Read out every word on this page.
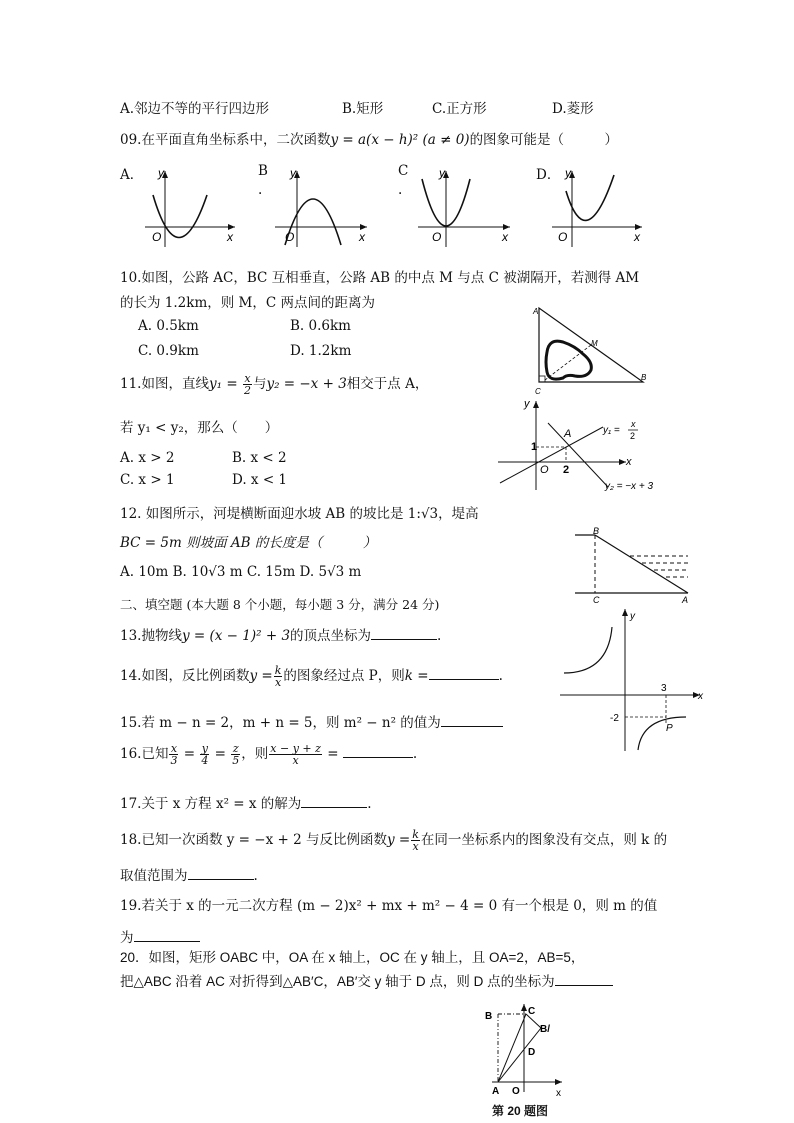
A.邻边不等的平行四边形	B.矩形	C.正方形	D.菱形
09.在平面直角坐标系中，二次函数y = a(x − h)² (a ≠ 0)的图象可能是（　　　）
A．	B
.
C
.
D．
y
x
O
y
x
O
y
x
O
y
x
O
10.如图，公路 AC，BC 互相垂直，公路 AB 的中点 M 与点 C 被湖隔开，若测得 AM
的长为 1.2km，则 M，C 两点间的距离为
A. 0.5km	B. 0.6km
C. 0.9km	D. 1.2km
A
M
B
C
11.如图，直线$y_1 = \frac{x}{2}$ 与y₂ = −x + 3相交于点 A，
若 y₁ < y₂，那么（　　）
A. x > 2	B. x < 2
C. x > 1	D. x < 1
y
x
1
2
O
A	y₁ =
x
2
y₂ = −x + 3
12. 如图所示，河堤横断面迎水坡 AB 的坡比是 1:√3，堤高
BC = 5m 则坡面 AB 的长度是（　　　）
A. 10m B. 10√3 m C. 15m D. 5√3 m
B
C	A
二、填空题 (本大题 8 个小题，每小题 3 分，满分 24 分)
13.抛物线y = (x − 1)² + 3的顶点坐标为	.
14.如图，反比例函数$y = \frac{k}{x}$ 的图象经过点 P，则k =	.
y
x
3
-2
P
15.若 m − n = 2，m + n = 5，则 m² − n² 的值为
16.已知 $\frac{x}{3} = \frac{y}{4} = \frac{z}{5}$ ，则 $\frac{x - y + z}{x}$ =	.
17.关于 x 方程 x² = x 的解为	.
18.已知一次函数 y = −x + 2 与反比例函数$y = \frac{k}{x}$ 在同一坐标系内的图象没有交点，则 k 的
取值范围为	.
19.若关于 x 的一元二次方程 (m − 2)x² + mx + m² − 4 = 0 有一个根是 0，则 m 的值
为
20．如图，矩形 OABC 中，OA 在 x 轴上，OC 在 y 轴上，且 OA=2，AB=5，
把△ABC 沿着 AC 对折得到△AB′C，AB′交 y 轴于 D 点，则 D 点的坐标为
B	C
B/
D
A O	x
第 20 题图
